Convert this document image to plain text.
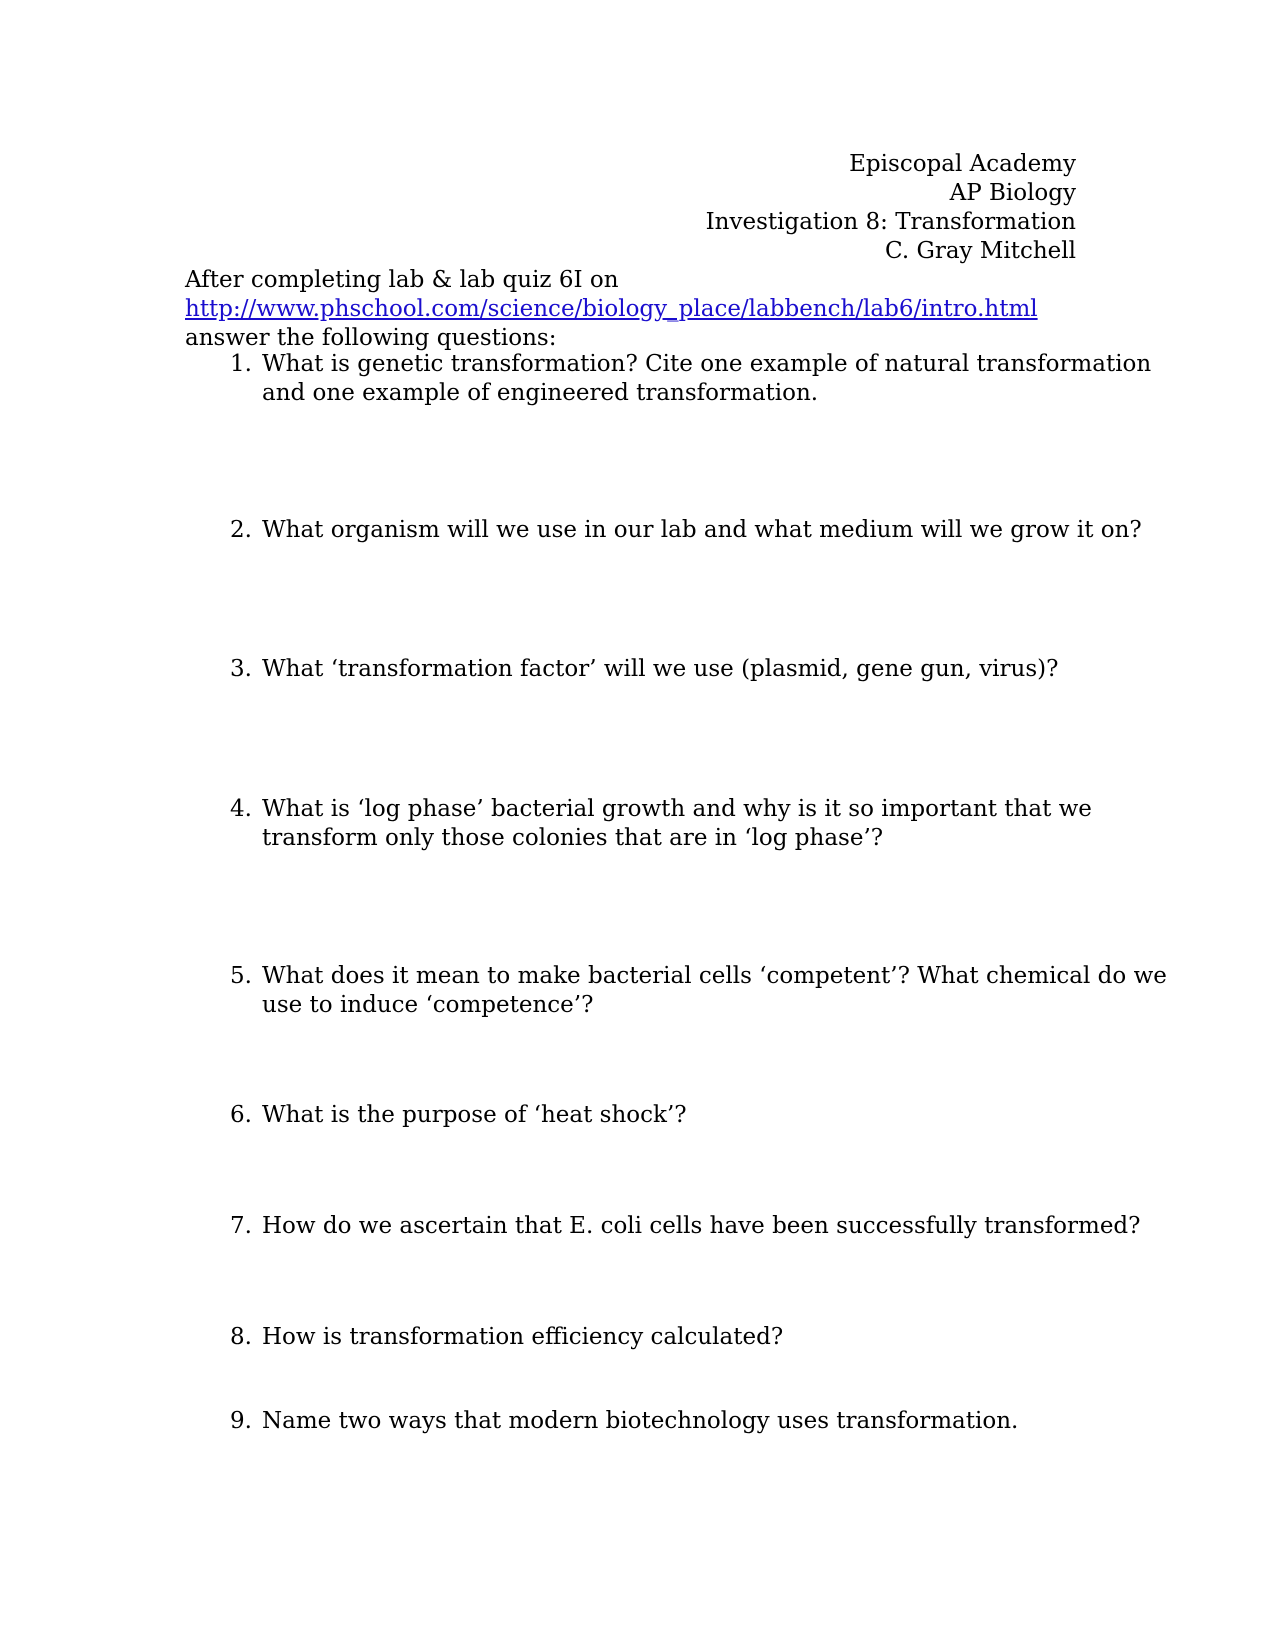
Episcopal Academy
AP Biology
Investigation 8: Transformation
C. Gray Mitchell
After completing lab & lab quiz 6I on
http://www.phschool.com/science/biology_place/labbench/lab6/intro.html
answer the following questions:
1. What is genetic transformation? Cite one example of natural transformation
and one example of engineered transformation.
2. What organism will we use in our lab and what medium will we grow it on?
3. What ‘transformation factor’ will we use (plasmid, gene gun, virus)?
4. What is ‘log phase’ bacterial growth and why is it so important that we
transform only those colonies that are in ‘log phase’?
5. What does it mean to make bacterial cells ‘competent’? What chemical do we
use to induce ‘competence’?
6. What is the purpose of ‘heat shock’?
7. How do we ascertain that E. coli cells have been successfully transformed?
8. How is transformation efficiency calculated?
9. Name two ways that modern biotechnology uses transformation.
